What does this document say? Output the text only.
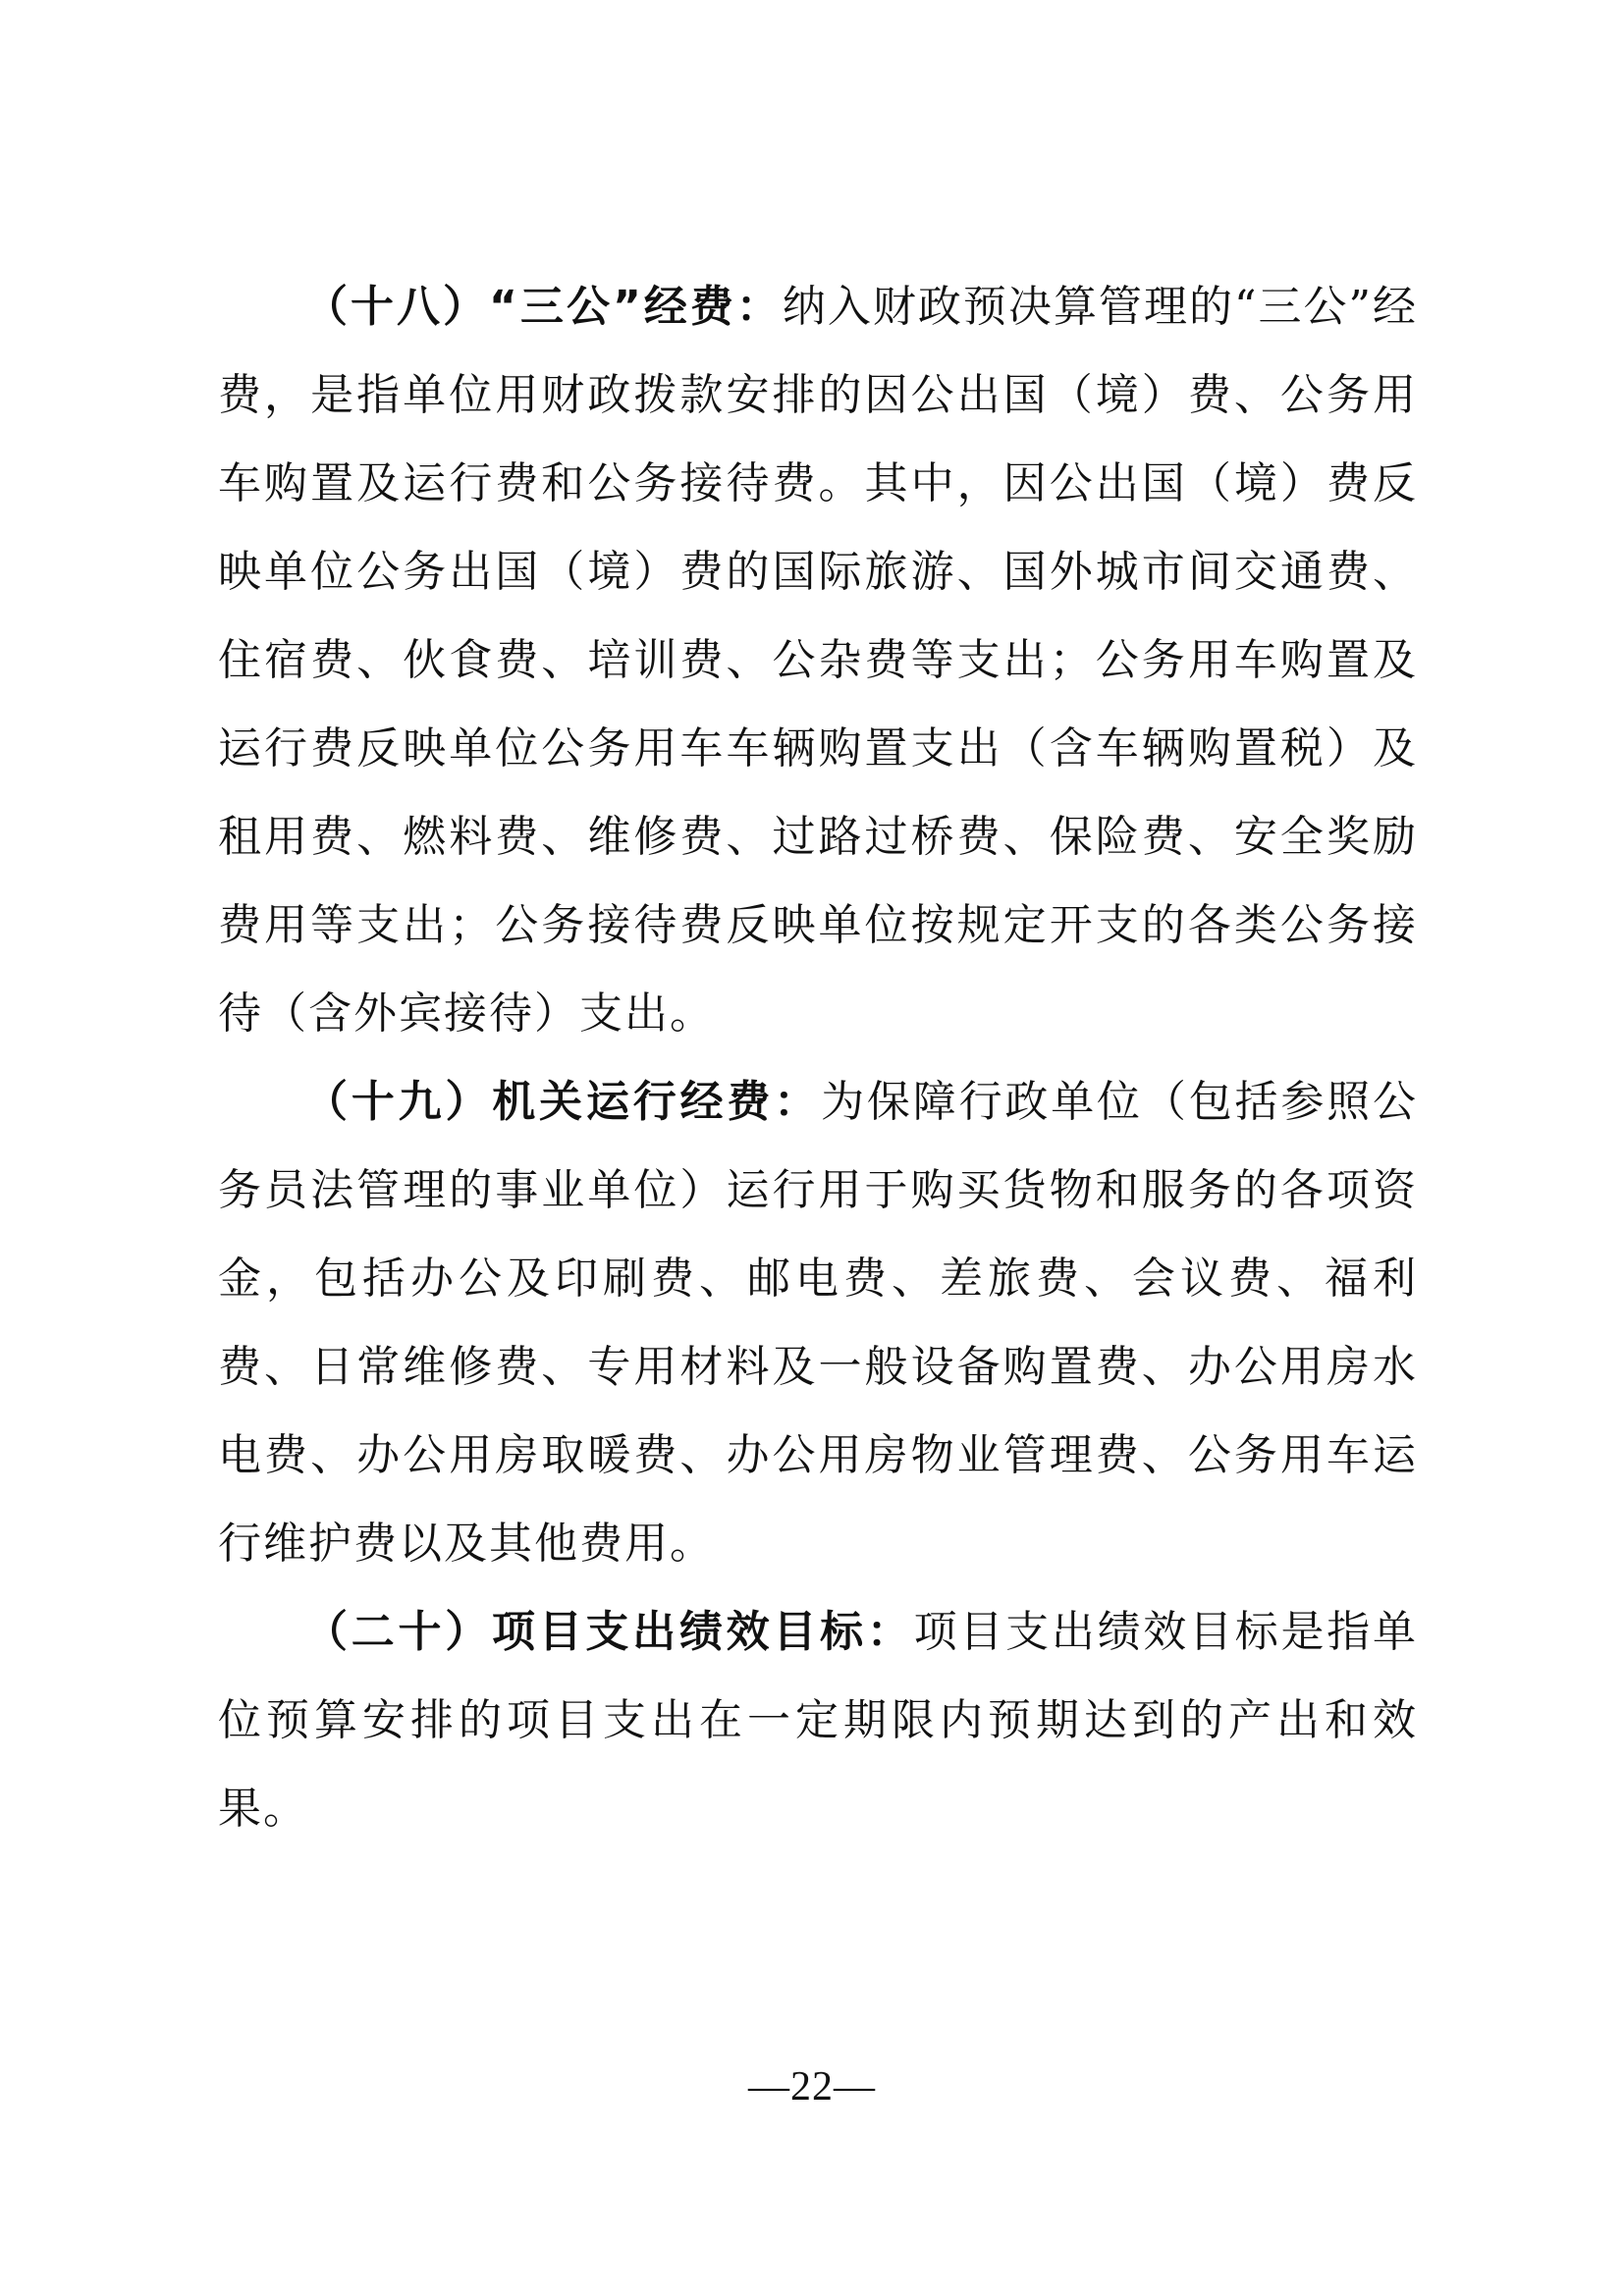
（十八）“三公”经费：纳入财政预决算管理的“三公”经费，是指单位用财政拨款安排的因公出国（境）费、公务用车购置及运行费和公务接待费。其中，因公出国（境）费反映单位公务出国（境）费的国际旅游、国外城市间交通费、住宿费、伙食费、培训费、公杂费等支出；公务用车购置及运行费反映单位公务用车车辆购置支出（含车辆购置税）及租用费、燃料费、维修费、过路过桥费、保险费、安全奖励费用等支出；公务接待费反映单位按规定开支的各类公务接待（含外宾接待）支出。

（十九）机关运行经费：为保障行政单位（包括参照公务员法管理的事业单位）运行用于购买货物和服务的各项资金，包括办公及印刷费、邮电费、差旅费、会议费、福利费、日常维修费、专用材料及一般设备购置费、办公用房水电费、办公用房取暖费、办公用房物业管理费、公务用车运行维护费以及其他费用。

（二十）项目支出绩效目标：项目支出绩效目标是指单位预算安排的项目支出在一定期限内预期达到的产出和效果。

—22—
